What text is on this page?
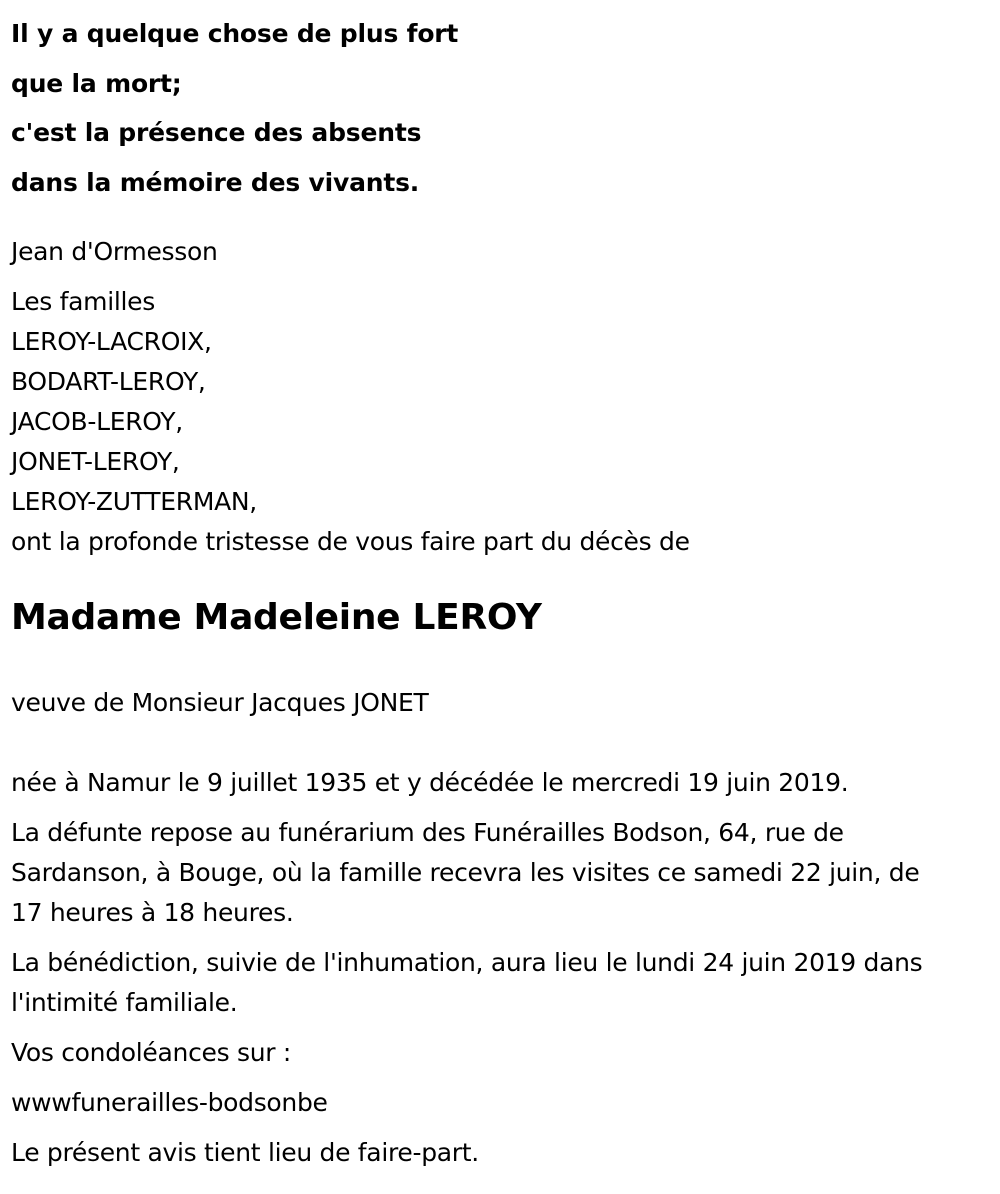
Il y a quelque chose de plus fort
que la mort;
c'est la présence des absents
dans la mémoire des vivants.
Jean d'Ormesson
Les familles
LEROY-LACROIX,
BODART-LEROY,
JACOB-LEROY,
JONET-LEROY,
LEROY-ZUTTERMAN,
ont la profonde tristesse de vous faire part du décès de
Madame Madeleine LEROY
veuve de Monsieur Jacques JONET
née à Namur le 9 juillet 1935 et y décédée le mercredi 19 juin 2019.
La défunte repose au funérarium des Funérailles Bodson, 64, rue de
Sardanson, à Bouge, où la famille recevra les visites ce samedi 22 juin, de
17 heures à 18 heures.
La bénédiction, suivie de l'inhumation, aura lieu le lundi 24 juin 2019 dans
l'intimité familiale.
Vos condoléances sur :
wwwfunerailles-bodsonbe
Le présent avis tient lieu de faire-part.
